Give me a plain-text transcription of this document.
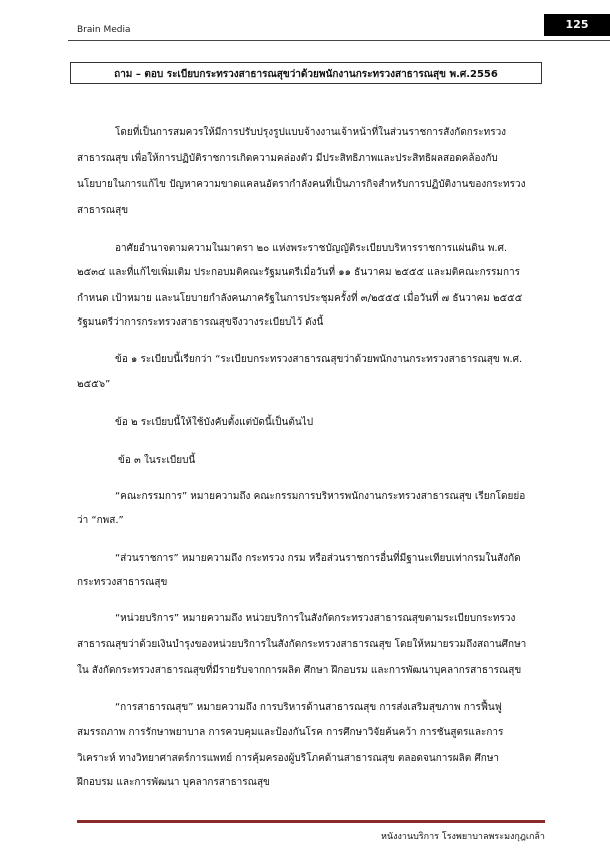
Brain Media	125
ถาม – ตอบ ระเบียบกระทรวงสาธารณสุขว่าด้วยพนักงานกระทรวงสาธารณสุข พ.ศ.2556
โดยที่เป็นการสมควรให้มีการปรับปรุงรูปแบบจ้างงานเจ้าหน้าที่ในส่วนราชการสังกัดกระทรวง
สาธารณสุข เพื่อให้การปฏิบัติราชการเกิดความคล่องตัว มีประสิทธิภาพและประสิทธิผลสอดคล้องกับ
นโยบายในการแก้ไข ปัญหาความขาดแคลนอัตรากำลังคนที่เป็นภารกิจสำหรับการปฏิบัติงานของกระทรวง
สาธารณสุข
อาศัยอำนาจตามความในมาตรา ๒๐ แห่งพระราชบัญญัติระเบียบบริหารราชการแผ่นดิน พ.ศ.
๒๕๓๔ และที่แก้ไขเพิ่มเติม ประกอบมติคณะรัฐมนตรีเมื่อวันที่ ๑๑ ธันวาคม ๒๕๕๕ และมติคณะกรรมการ
กำหนด เป้าหมาย และนโยบายกำลังคนภาครัฐในการประชุมครั้งที่ ๓/๒๕๕๕ เมื่อวันที่ ๗ ธันวาคม ๒๕๕๕
รัฐมนตรีว่าการกระทรวงสาธารณสุขจึงวางระเบียบไว้ ดังนี้
ข้อ ๑ ระเบียบนี้เรียกว่า “ระเบียบกระทรวงสาธารณสุขว่าด้วยพนักงานกระทรวงสาธารณสุข พ.ศ.
๒๕๕๖”
ข้อ ๒ ระเบียบนี้ให้ใช้บังคับตั้งแต่บัดนี้เป็นต้นไป
ข้อ ๓ ในระเบียบนี้
“คณะกรรมการ” หมายความถึง คณะกรรมการบริหารพนักงานกระทรวงสาธารณสุข เรียกโดยย่อ
ว่า “กพส.”
“ส่วนราชการ” หมายความถึง กระทรวง กรม หรือส่วนราชการอื่นที่มีฐานะเทียบเท่ากรมในสังกัด
กระทรวงสาธารณสุข
“หน่วยบริการ” หมายความถึง หน่วยบริการในสังกัดกระทรวงสาธารณสุขตามระเบียบกระทรวง
สาธารณสุขว่าด้วยเงินบำรุงของหน่วยบริการในสังกัดกระทรวงสาธารณสุข โดยให้หมายรวมถึงสถานศึกษา
ใน สังกัดกระทรวงสาธารณสุขที่มีรายรับจากการผลิต ศึกษา ฝึกอบรม และการพัฒนาบุคลากรสาธารณสุข
“การสาธารณสุข” หมายความถึง การบริหารด้านสาธารณสุข การส่งเสริมสุขภาพ การฟื้นฟู
สมรรถภาพ การรักษาพยาบาล การควบคุมและป้องกันโรค การศึกษาวิจัยค้นคว้า การชันสูตรและการ
วิเคราะห์ ทางวิทยาศาสตร์การแพทย์ การคุ้มครองผู้บริโภคด้านสาธารณสุข ตลอดจนการผลิต ศึกษา
ฝึกอบรม และการพัฒนา บุคลากรสาธารณสุข
หนังงานบริการ โรงพยาบาลพระมงกุฎเกล้า
